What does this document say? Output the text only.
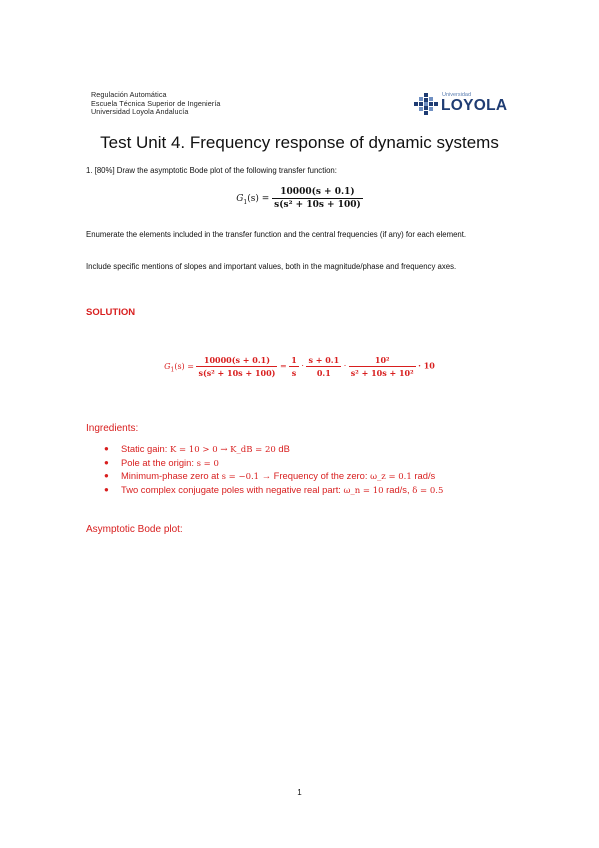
Regulación Automática
Escuela Técnica Superior de Ingeniería
Universidad Loyola Andalucía
Universidad
LOYOLA
Test Unit 4. Frequency response of dynamic systems
1. [80%] Draw the asymptotic Bode plot of the following transfer function:
$G_1(s) = \frac{10000(s + 0.1)}{\text{s(s² + 10s + 100)}}$
Enumerate the elements included in the transfer function and the central frequencies (if any) for each element.
Include specific mentions of slopes and important values, both in the magnitude/phase and frequency axes.
SOLUTION
$G_1(s) = \frac{10000(s + 0.1)}{\text{s(s² + 10s + 100)}} = \frac{1}{s} \cdot \frac{s + 0.1}{0.1} \cdot \frac{\text{10²}}{\text{s² + 10s + 10²}} \cdot 10$
Ingredients:
● Static gain: K = 10 > 0 → K_dB = 20 dB
● Pole at the origin: s = 0
● Minimum-phase zero at s = −0.1 → Frequency of the zero: ω_z = 0.1 rad/s
● Two complex conjugate poles with negative real part: ω_n = 10 rad/s, δ = 0.5
Asymptotic Bode plot:
1
